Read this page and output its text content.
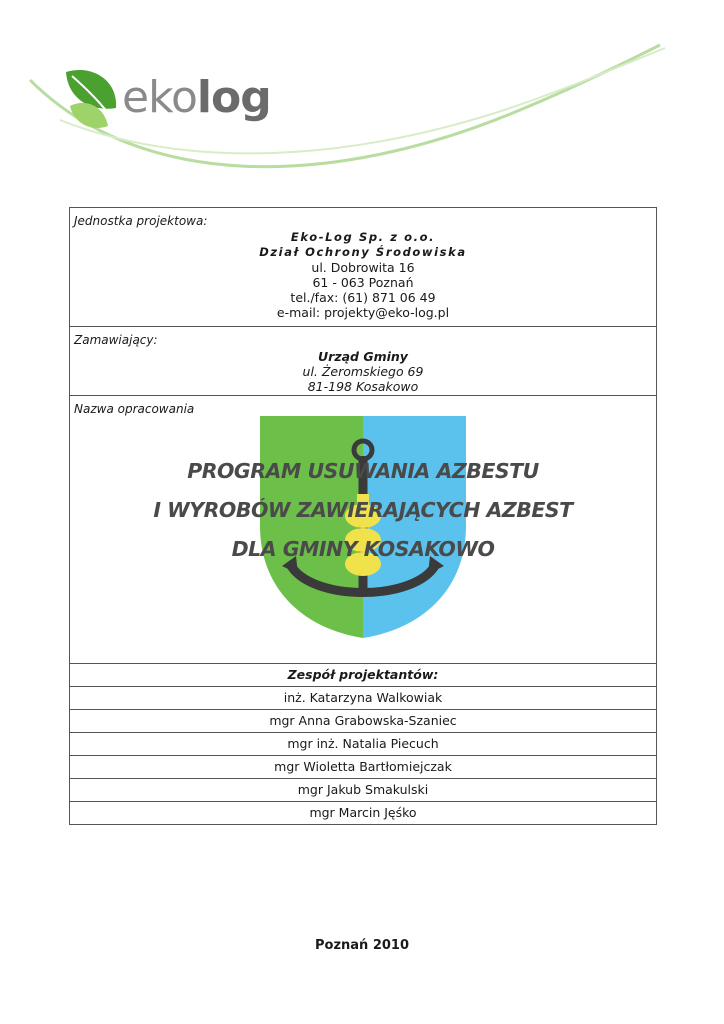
ekolog
Jednostka projektowa:
Eko-Log Sp. z o.o.
Dział Ochrony Środowiska
ul. Dobrowita 16
61 - 063 Poznań
tel./fax: (61) 871 06 49
e-mail: projekty@eko-log.pl
Zamawiający:
Urząd Gminy
ul. Żeromskiego 69
81-198 Kosakowo
Nazwa opracowania
PROGRAM USUWANIA AZBESTU
I WYROBÓW ZAWIERAJĄCYCH AZBEST
DLA GMINY KOSAKOWO
Zespół projektantów:
inż. Katarzyna Walkowiak
mgr Anna Grabowska-Szaniec
mgr inż. Natalia Piecuch
mgr Wioletta Bartłomiejczak
mgr Jakub Smakulski
mgr Marcin Jęśko
Poznań 2010
